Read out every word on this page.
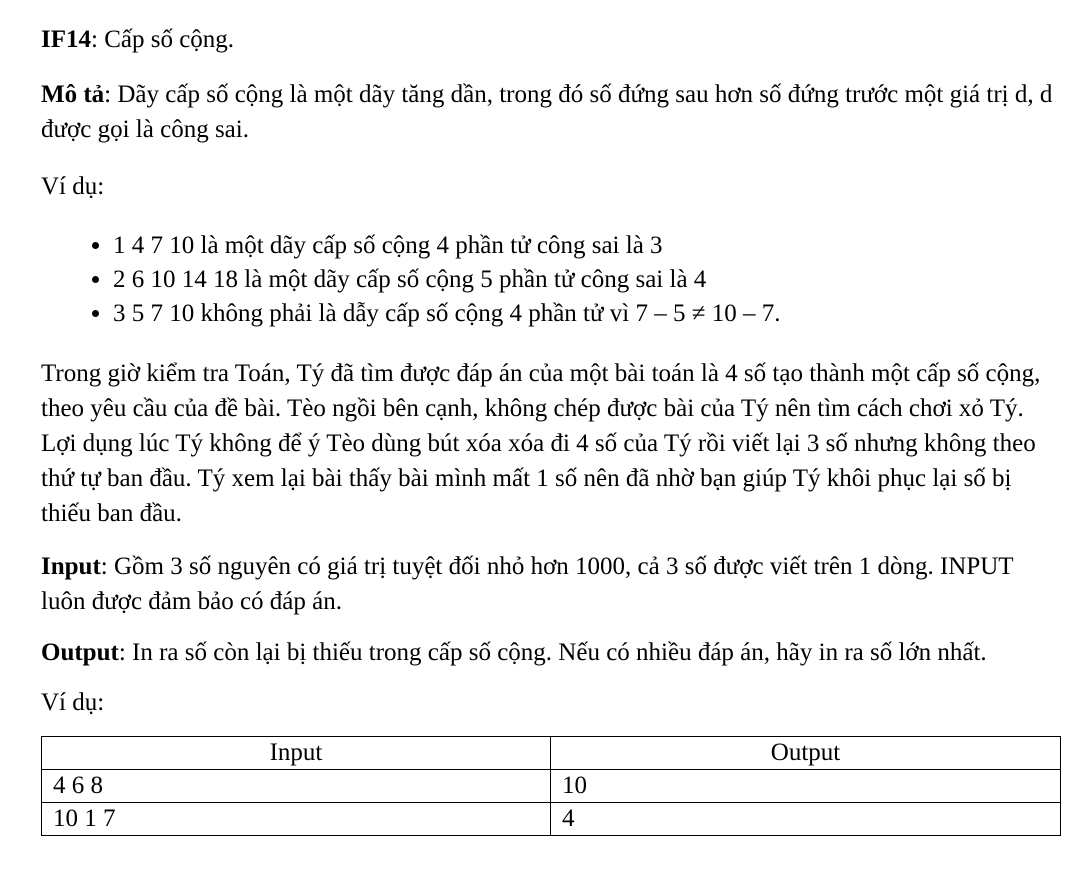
IF14: Cấp số cộng.

Mô tả: Dãy cấp số cộng là một dãy tăng dần, trong đó số đứng sau hơn số đứng trước một giá trị d, d được gọi là công sai.

Ví dụ:

• 1 4 7 10 là một dãy cấp số cộng 4 phần tử công sai là 3
• 2 6 10 14 18 là một dãy cấp số cộng 5 phần tử công sai là 4
• 3 5 7 10 không phải là dẫy cấp số cộng 4 phần tử vì 7 – 5 ≠ 10 – 7.

Trong giờ kiểm tra Toán, Tý đã tìm được đáp án của một bài toán là 4 số tạo thành một cấp số cộng, theo yêu cầu của đề bài. Tèo ngồi bên cạnh, không chép được bài của Tý nên tìm cách chơi xỏ Tý. Lợi dụng lúc Tý không để ý Tèo dùng bút xóa xóa đi 4 số của Tý rồi viết lại 3 số nhưng không theo thứ tự ban đầu. Tý xem lại bài thấy bài mình mất 1 số nên đã nhờ bạn giúp Tý khôi phục lại số bị thiếu ban đầu.

Input: Gồm 3 số nguyên có giá trị tuyệt đối nhỏ hơn 1000, cả 3 số được viết trên 1 dòng. INPUT luôn được đảm bảo có đáp án.

Output: In ra số còn lại bị thiếu trong cấp số cộng. Nếu có nhiều đáp án, hãy in ra số lớn nhất.

Ví dụ:

Input	Output
4 6 8	10
10 1 7	4
